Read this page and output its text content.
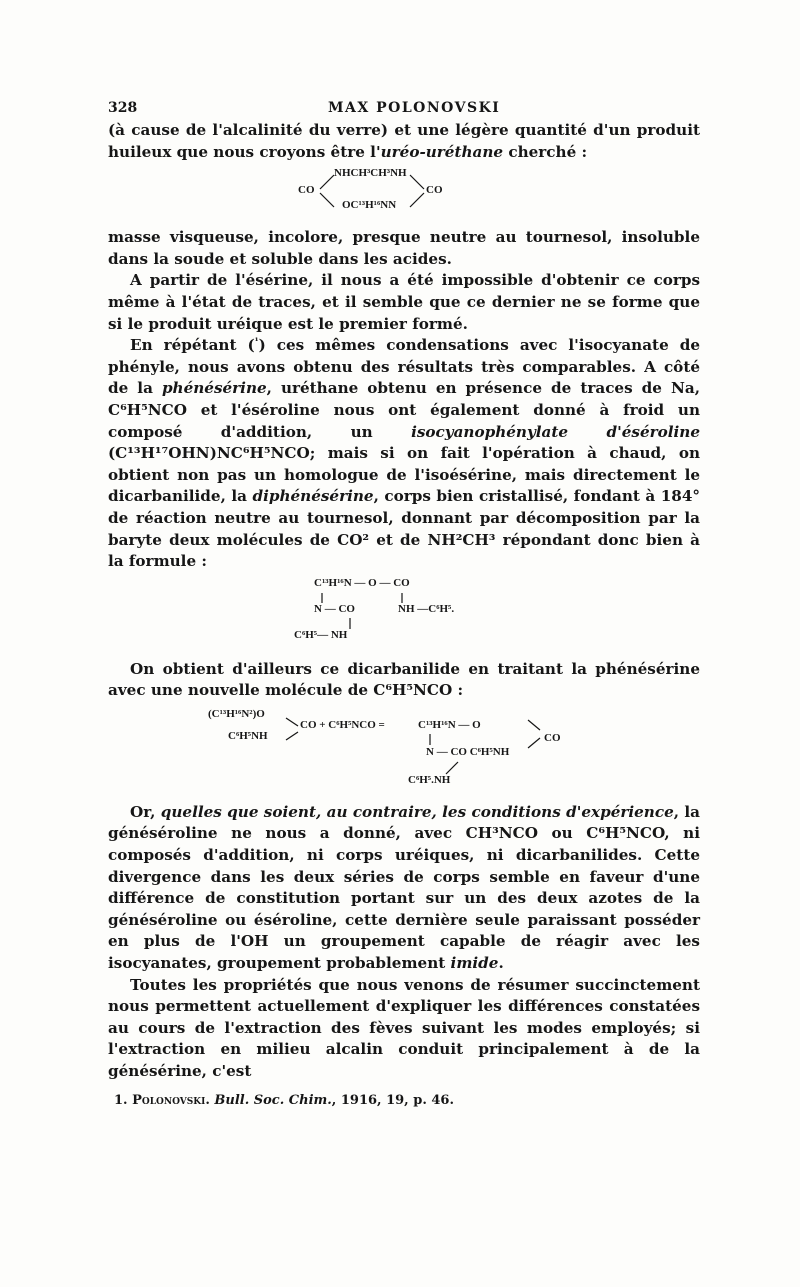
328	MAX POLONOVSKI

(à cause de l'alcalinité du verre) et une légère quantité d'un produit huileux que nous croyons être l'uréo-uréthane cherché :

NHCH³CH³NH
CO
OC¹³H¹⁶NN
CO

masse visqueuse, incolore, presque neutre au tournesol, insoluble dans la soude et soluble dans les acides.

A partir de l'ésérine, il nous a été impossible d'obtenir ce corps même à l'état de traces, et il semble que ce dernier ne se forme que si le produit uréique est le premier formé.

En répétant ($^{^1}$) ces mêmes condensations avec l'isocyanate de phényle, nous avons obtenu des résultats très comparables. A côté de la phénésérine, uréthane obtenu en présence de traces de Na, C⁶H⁵NCO et l'éséroline nous ont également donné à froid un composé d'addition, un isocyanophénylate d'éséroline (C¹³H¹⁷OHN)NC⁶H⁵NCO; mais si on fait l'opération à chaud, on obtient non pas un homologue de l'isoésérine, mais directement le dicarbanilide, la diphénésérine, corps bien cristallisé, fondant à 184° de réaction neutre au tournesol, donnant par décomposition par la baryte deux molécules de CO² et de NH²CH³ répondant donc bien à la formule :

C¹³H¹⁶N — O — CO
N — CO	NH —C⁶H⁵.
C⁶H⁵— NH

On obtient d'ailleurs ce dicarbanilide en traitant la phénésérine avec une nouvelle molécule de C⁶H⁵NCO :

(C¹³H¹⁶N²)O
C⁶H⁵NH
CO + C⁶H⁵NCO =	C¹³H¹⁶N — O
N — CO C⁶H⁵NH
CO
C⁶H⁵.NH

Or, quelles que soient, au contraire, les conditions d'expérience, la généséroline ne nous a donné, avec CH³NCO ou C⁶H⁵NCO, ni composés d'addition, ni corps uréiques, ni dicarbanilides. Cette divergence dans les deux séries de corps semble en faveur d'une différence de constitution portant sur un des deux azotes de la généséroline ou éséroline, cette dernière seule paraissant posséder en plus de l'OH un groupement capable de réagir avec les isocyanates, groupement probablement imide.

Toutes les propriétés que nous venons de résumer succinctement nous permettent actuellement d'expliquer les différences constatées au cours de l'extraction des fèves suivant les modes employés; si l'extraction en milieu alcalin conduit principalement à de la génésérine, c'est

1. Polonovski. Bull. Soc. Chim., 1916, 19, p. 46.
